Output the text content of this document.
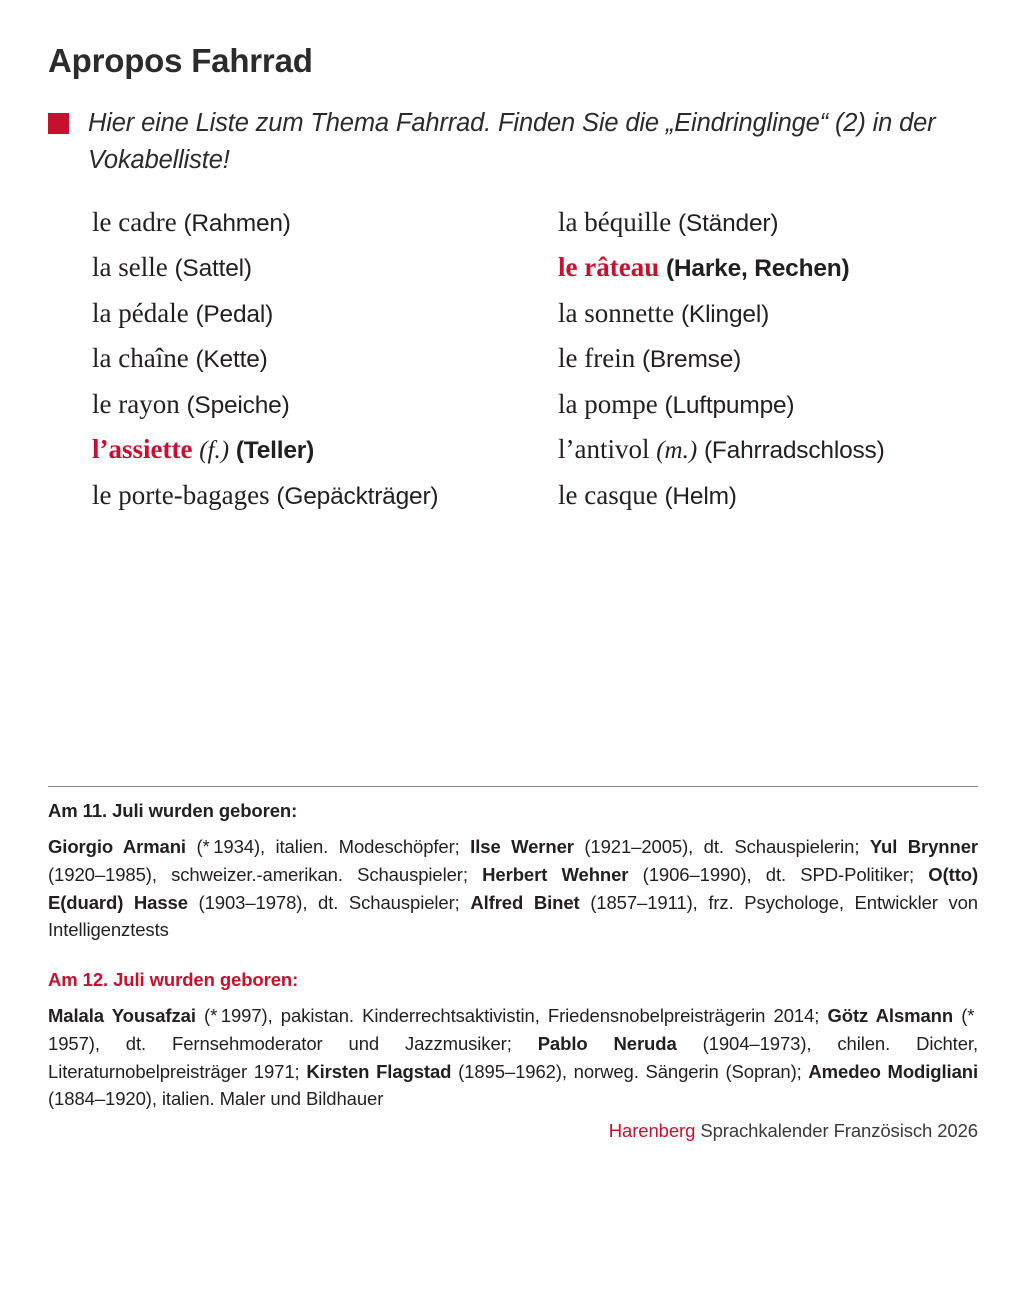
Apropos Fahrrad
Hier eine Liste zum Thema Fahrrad. Finden Sie die „Eindringlinge“ (2) in der Vokabelliste!
le cadre (Rahmen)	la béquille (Ständer)
la selle (Sattel)	le râteau (Harke, Rechen)
la pédale (Pedal)	la sonnette (Klingel)
la chaîne (Kette)	le frein (Bremse)
le rayon (Speiche)	la pompe (Luftpumpe)
l’assiette (f.) (Teller)	l’antivol (m.) (Fahrradschloss)
le porte-bagages (Gepäckträger)	le casque (Helm)
Am 11. Juli wurden geboren:

Giorgio Armani (* 1934), italien. Modeschöpfer; Ilse Werner (1921–2005), dt. Schauspielerin; Yul Brynner (1920–1985), schweizer.-amerikan. Schauspieler; Herbert Wehner (1906–1990), dt. SPD-Politiker; O(tto) E(duard) Hasse (1903–1978), dt. Schauspieler; Alfred Binet (1857–1911), frz. Psychologe, Entwickler von Intelligenztests

Am 12. Juli wurden geboren:

Malala Yousafzai (* 1997), pakistan. Kinderrechtsaktivistin, Friedensnobelpreisträgerin 2014; Götz Alsmann (* 1957), dt. Fernsehmoderator und Jazzmusiker; Pablo Neruda (1904–1973), chilen. Dichter, Literaturnobelpreisträger 1971; Kirsten Flagstad (1895–1962), norweg. Sängerin (Sopran); Amedeo Modigliani (1884–1920), italien. Maler und Bildhauer

Harenberg Sprachkalender Französisch 2026
